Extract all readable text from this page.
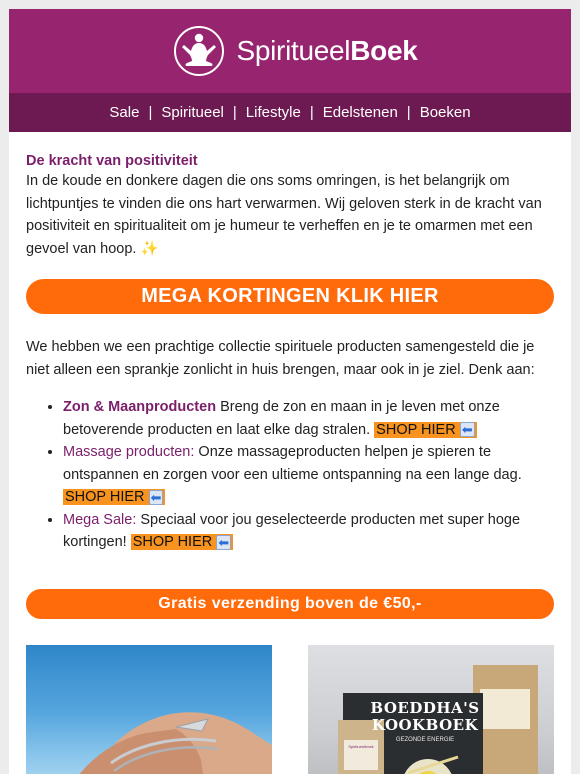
SpiritueelBoek
Sale | Spiritueel | Lifestyle | Edelstenen | Boeken
De kracht van positiviteit

In de koude en donkere dagen die ons soms omringen, is het belangrijk om lichtpuntjes te vinden die ons hart verwarmen. Wij geloven sterk in de kracht van positiviteit en spiritualiteit om je humeur te verheffen en je te omarmen met een gevoel van hoop. ✨

MEGA KORTINGEN KLIK HIER
We hebben we een prachtige collectie spirituele producten samengesteld die je niet alleen een sprankje zonlicht in huis brengen, maar ook in je ziel. Denk aan:
• Zon & Maanproducten Breng de zon en maan in je leven met onze betoverende producten en laat elke dag stralen. SHOP HIER ⬅
• Massage producten: Onze massageproducten helpen je spieren te ontspannen en zorgen voor een ultieme ontspanning na een lange dag. SHOP HIER ⬅
• Mega Sale: Speciaal voor jou geselecteerde producten met super hoge kortingen! SHOP HIER ⬅
Gratis verzending boven de €50,-
BOEDDHA'S KOOKBOEK
GEZONDE ENERGIE
Spiritueelboek
